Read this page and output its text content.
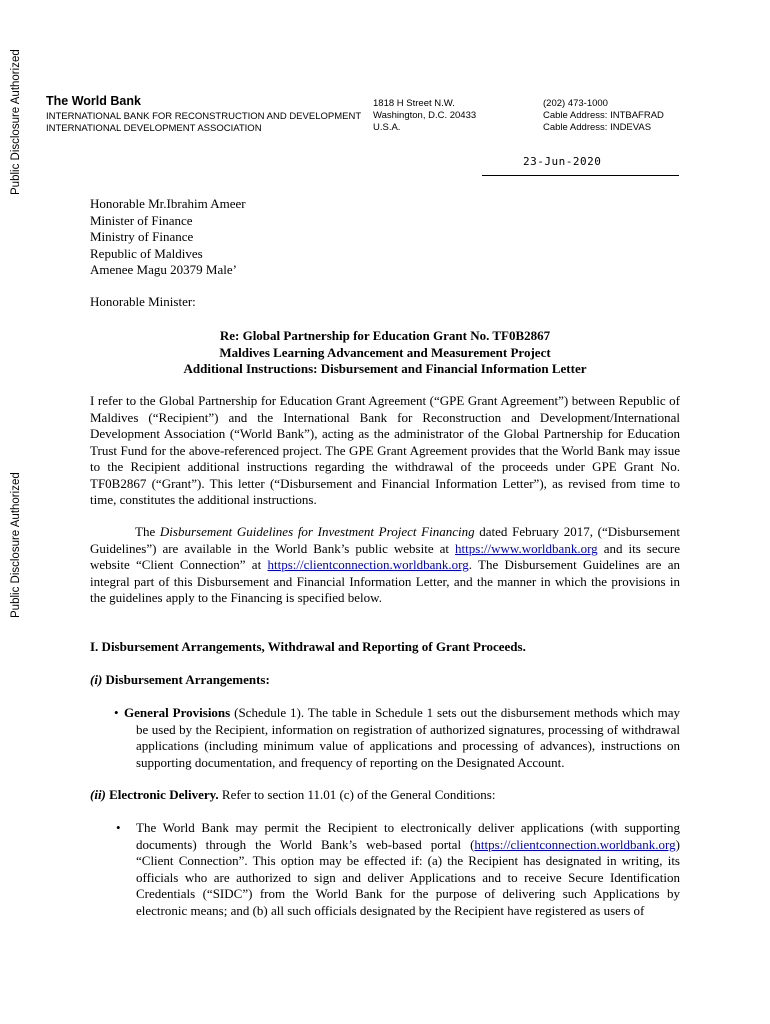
Public Disclosure Authorized
Public Disclosure Authorized
The World Bank
INTERNATIONAL BANK FOR RECONSTRUCTION AND DEVELOPMENT
INTERNATIONAL DEVELOPMENT ASSOCIATION
1818 H Street N.W.
Washington, D.C. 20433
U.S.A.
(202) 473-1000
Cable Address: INTBAFRAD
Cable Address: INDEVAS
23-Jun-2020
Honorable Mr.Ibrahim Ameer
Minister of Finance
Ministry of Finance
Republic of Maldives
Amenee Magu 20379 Male’
Honorable Minister:
Re: Global Partnership for Education Grant No. TF0B2867
Maldives Learning Advancement and Measurement Project
Additional Instructions: Disbursement and Financial Information Letter

I refer to the Global Partnership for Education Grant Agreement (“GPE Grant Agreement”) between Republic of Maldives (“Recipient”) and the International Bank for Reconstruction and Development/International Development Association (“World Bank”), acting as the administrator of the Global Partnership for Education Trust Fund for the above-referenced project. The GPE Grant Agreement provides that the World Bank may issue to the Recipient additional instructions regarding the withdrawal of the proceeds under GPE Grant No. TF0B2867 (“Grant”). This letter (“Disbursement and Financial Information Letter”), as revised from time to time, constitutes the additional instructions.

The Disbursement Guidelines for Investment Project Financing dated February 2017, (“Disbursement Guidelines”) are available in the World Bank’s public website at https://www.worldbank.org and its secure website “Client Connection” at https://clientconnection.worldbank.org. The Disbursement Guidelines are an integral part of this Disbursement and Financial Information Letter, and the manner in which the provisions in the guidelines apply to the Financing is specified below.

I. Disbursement Arrangements, Withdrawal and Reporting of Grant Proceeds.
(i) Disbursement Arrangements:
• General Provisions (Schedule 1). The table in Schedule 1 sets out the disbursement methods which may be used by the Recipient, information on registration of authorized signatures, processing of withdrawal applications (including minimum value of applications and processing of advances), instructions on supporting documentation, and frequency of reporting on the Designated Account.
(ii) Electronic Delivery. Refer to section 11.01 (c) of the General Conditions:
• The World Bank may permit the Recipient to electronically deliver applications (with supporting documents) through the World Bank’s web-based portal (https://clientconnection.worldbank.org) “Client Connection”. This option may be effected if: (a) the Recipient has designated in writing, its officials who are authorized to sign and deliver Applications and to receive Secure Identification Credentials (“SIDC”) from the World Bank for the purpose of delivering such Applications by electronic means; and (b) all such officials designated by the Recipient have registered as users of
